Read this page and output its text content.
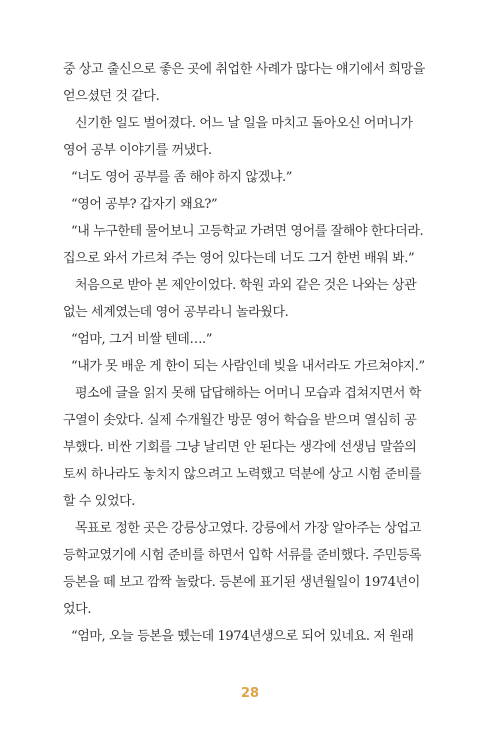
중 상고 출신으로 좋은 곳에 취업한 사례가 많다는 얘기에서 희망을
얻으셨던 것 같다.
신기한 일도 벌어졌다. 어느 날 일을 마치고 돌아오신 어머니가
영어 공부 이야기를 꺼냈다.
“너도 영어 공부를 좀 해야 하지 않겠냐.”
“영어 공부? 갑자기 왜요?”
“내 누구한테 물어보니 고등학교 가려면 영어를 잘해야 한다더라.
집으로 와서 가르쳐 주는 영어 있다는데 너도 그거 한번 배워 봐.”
처음으로 받아 본 제안이었다. 학원 과외 같은 것은 나와는 상관
없는 세계였는데 영어 공부라니 놀라웠다.
“엄마, 그거 비쌀 텐데….”
“내가 못 배운 게 한이 되는 사람인데 빚을 내서라도 가르쳐야지.”
평소에 글을 읽지 못해 답답해하는 어머니 모습과 겹쳐지면서 학
구열이 솟았다. 실제 수개월간 방문 영어 학습을 받으며 열심히 공
부했다. 비싼 기회를 그냥 날리면 안 된다는 생각에 선생님 말씀의
토씨 하나라도 놓치지 않으려고 노력했고 덕분에 상고 시험 준비를
할 수 있었다.
목표로 정한 곳은 강릉상고였다. 강릉에서 가장 알아주는 상업고
등학교였기에 시험 준비를 하면서 입학 서류를 준비했다. 주민등록
등본을 떼 보고 깜짝 놀랐다. 등본에 표기된 생년월일이 1974년이
었다.
“엄마, 오늘 등본을 뗐는데 1974년생으로 되어 있네요. 저 원래
28
